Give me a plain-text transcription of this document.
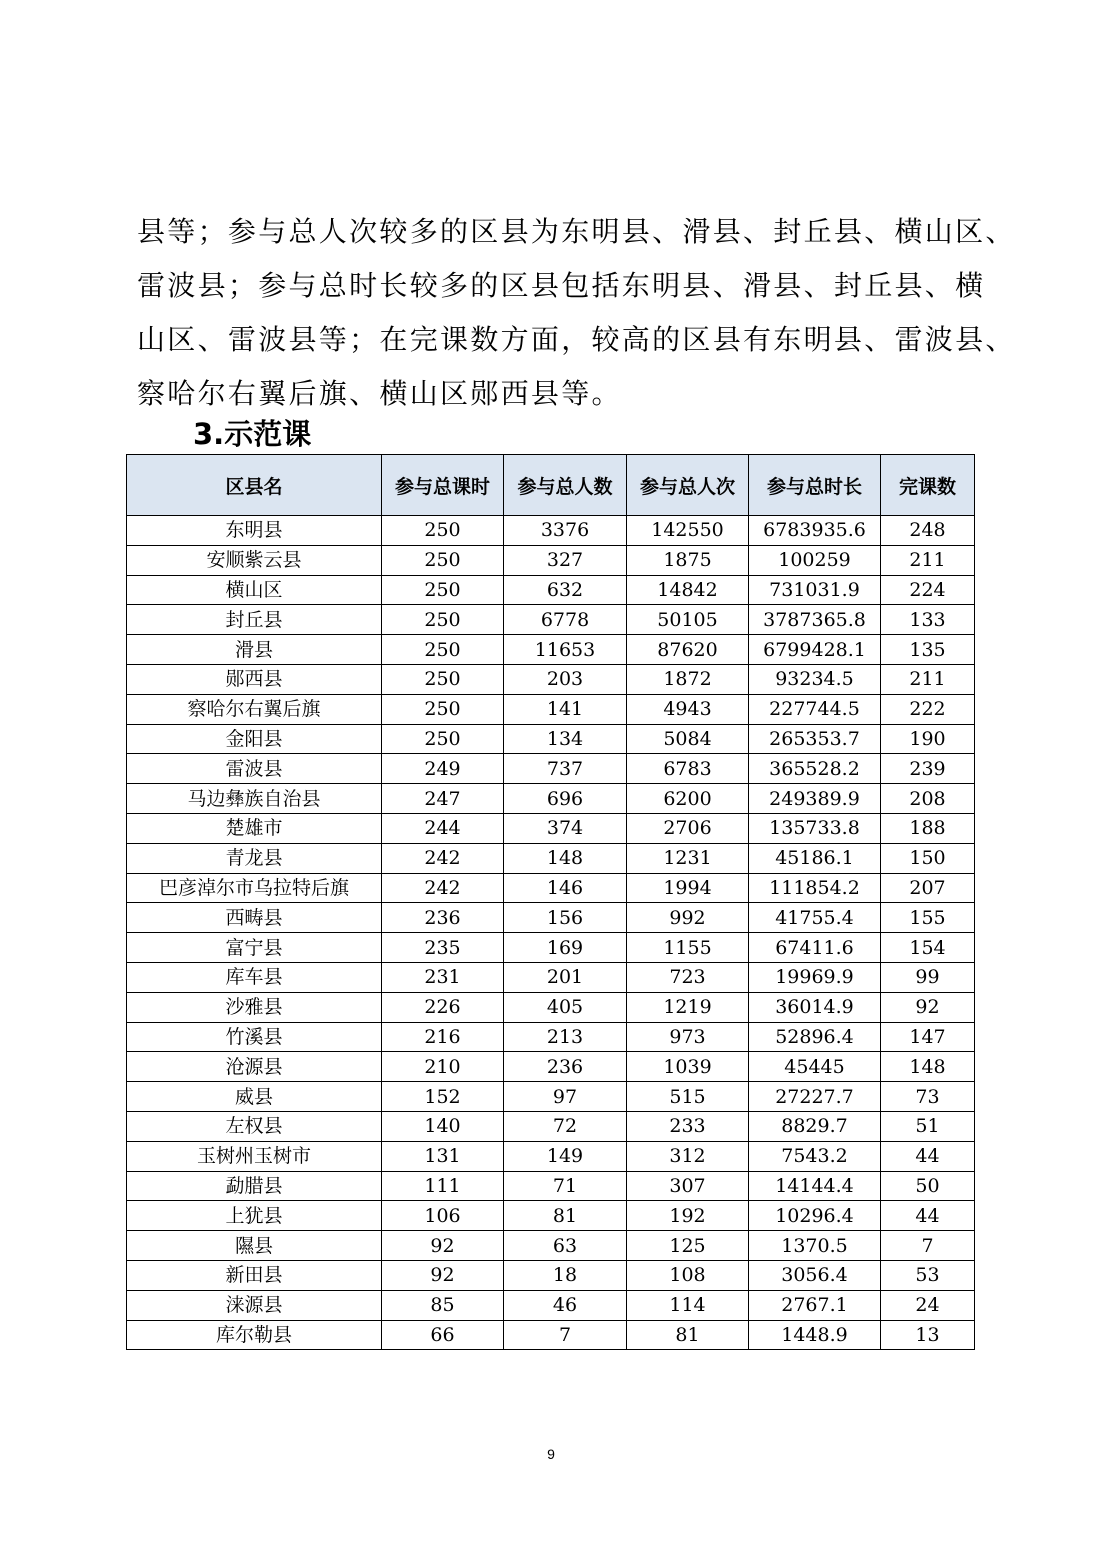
县等；参与总人次较多的区县为东明县、滑县、封丘县、横山区、
雷波县；参与总时长较多的区县包括东明县、滑县、封丘县、横
山区、雷波县等；在完课数方面，较高的区县有东明县、雷波县、
察哈尔右翼后旗、横山区郧西县等。

3.示范课
区县名	参与总课时	参与总人数	参与总人次	参与总时长	完课数
东明县	250	3376	142550	6783935.6	248
安顺紫云县	250	327	1875	100259	211
横山区	250	632	14842	731031.9	224
封丘县	250	6778	50105	3787365.8	133
滑县	250	11653	87620	6799428.1	135
郧西县	250	203	1872	93234.5	211
察哈尔右翼后旗	250	141	4943	227744.5	222
金阳县	250	134	5084	265353.7	190
雷波县	249	737	6783	365528.2	239
马边彝族自治县	247	696	6200	249389.9	208
楚雄市	244	374	2706	135733.8	188
青龙县	242	148	1231	45186.1	150
巴彦淖尔市乌拉特后旗	242	146	1994	111854.2	207
西畴县	236	156	992	41755.4	155
富宁县	235	169	1155	67411.6	154
库车县	231	201	723	19969.9	99
沙雅县	226	405	1219	36014.9	92
竹溪县	216	213	973	52896.4	147
沧源县	210	236	1039	45445	148
威县	152	97	515	27227.7	73
左权县	140	72	233	8829.7	51
玉树州玉树市	131	149	312	7543.2	44
勐腊县	111	71	307	14144.4	50
上犹县	106	81	192	10296.4	44
隰县	92	63	125	1370.5	7
新田县	92	18	108	3056.4	53
涞源县	85	46	114	2767.1	24
库尔勒县	66	7	81	1448.9	13
9
